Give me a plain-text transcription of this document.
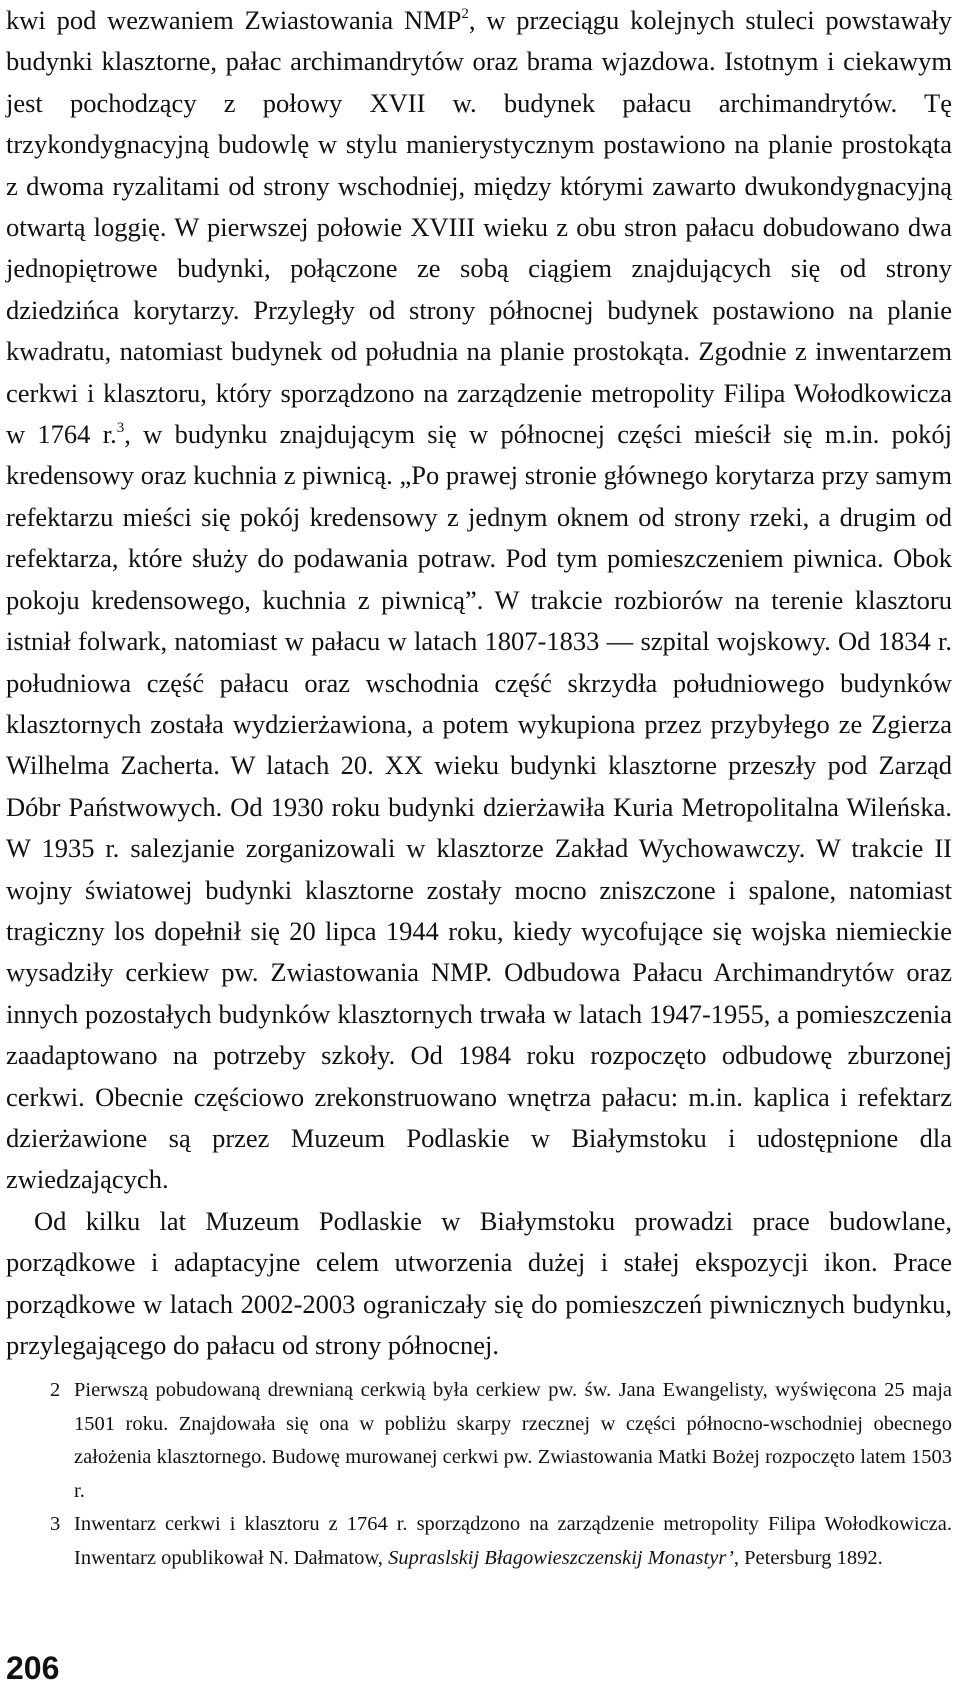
kwi pod wezwaniem Zwiastowania NMP$^2$, w przeciągu kolejnych stuleci powstawały budynki klasztorne, pałac archimandrytów oraz brama wjazdowa. Istotnym i ciekawym jest pochodzący z połowy XVII w. budynek pałacu archimandrytów. Tę trzykondygnacyjną budowlę w stylu manierystycznym postawiono na planie prostokąta z dwoma ryzalitami od strony wschodniej, między którymi zawarto dwukondygnacyjną otwartą loggię. W pierwszej połowie XVIII wieku z obu stron pałacu dobudowano dwa jednopiętrowe budynki, połączone ze sobą ciągiem znajdujących się od strony dziedzińca korytarzy. Przyległy od strony północnej budynek postawiono na planie kwadratu, natomiast budynek od południa na planie prostokąta. Zgodnie z inwentarzem cerkwi i klasztoru, który sporządzono na zarządzenie metropolity Filipa Wołodkowicza w 1764 r.$^3$, w budynku znajdującym się w północnej części mieścił się m.in. pokój kredensowy oraz kuchnia z piwnicą. „Po prawej stronie głównego korytarza przy samym refektarzu mieści się pokój kredensowy z jednym oknem od strony rzeki, a drugim od refektarza, które służy do podawania potraw. Pod tym pomieszczeniem piwnica. Obok pokoju kredensowego, kuchnia z piwnicą”. W trakcie rozbiorów na terenie klasztoru istniał folwark, natomiast w pałacu w latach 1807-1833 — szpital wojskowy. Od 1834 r. południowa część pałacu oraz wschodnia część skrzydła południowego budynków klasztornych została wydzierżawiona, a potem wykupiona przez przybyłego ze Zgierza Wilhelma Zacherta. W latach 20. XX wieku budynki klasztorne przeszły pod Zarząd Dóbr Państwowych. Od 1930 roku budynki dzierżawiła Kuria Metropolitalna Wileńska. W 1935 r. salezjanie zorganizowali w klasztorze Zakład Wychowawczy. W trakcie II wojny światowej budynki klasztorne zostały mocno zniszczone i spalone, natomiast tragiczny los dopełnił się 20 lipca 1944 roku, kiedy wycofujące się wojska niemieckie wysadziły cerkiew pw. Zwiastowania NMP. Odbudowa Pałacu Archimandrytów oraz innych pozostałych budynków klasztornych trwała w latach 1947-1955, a pomieszczenia zaadaptowano na potrzeby szkoły. Od 1984 roku rozpoczęto odbudowę zburzonej cerkwi. Obecnie częściowo zrekonstruowano wnętrza pałacu: m.in. kaplica i refektarz dzierżawione są przez Muzeum Podlaskie w Białymstoku i udostępnione dla zwiedzających.

Od kilku lat Muzeum Podlaskie w Białymstoku prowadzi prace budowlane, porządkowe i adaptacyjne celem utworzenia dużej i stałej ekspozycji ikon. Prace porządkowe w latach 2002-2003 ograniczały się do pomieszczeń piwnicznych budynku, przylegającego do pałacu od strony północnej.

2 Pierwszą pobudowaną drewnianą cerkwią była cerkiew pw. św. Jana Ewangelisty, wyświęcona 25 maja 1501 roku. Znajdowała się ona w pobliżu skarpy rzecznej w części północno-wschodniej obecnego założenia klasztornego. Budowę murowanej cerkwi pw. Zwiastowania Matki Bożej rozpoczęto latem 1503 r.

3 Inwentarz cerkwi i klasztoru z 1764 r. sporządzono na zarządzenie metropolity Filipa Wołodkowicza. Inwentarz opublikował N. Dałmatow, Supraslskij Błagowieszczenskij Monastyr’, Petersburg 1892.

206
